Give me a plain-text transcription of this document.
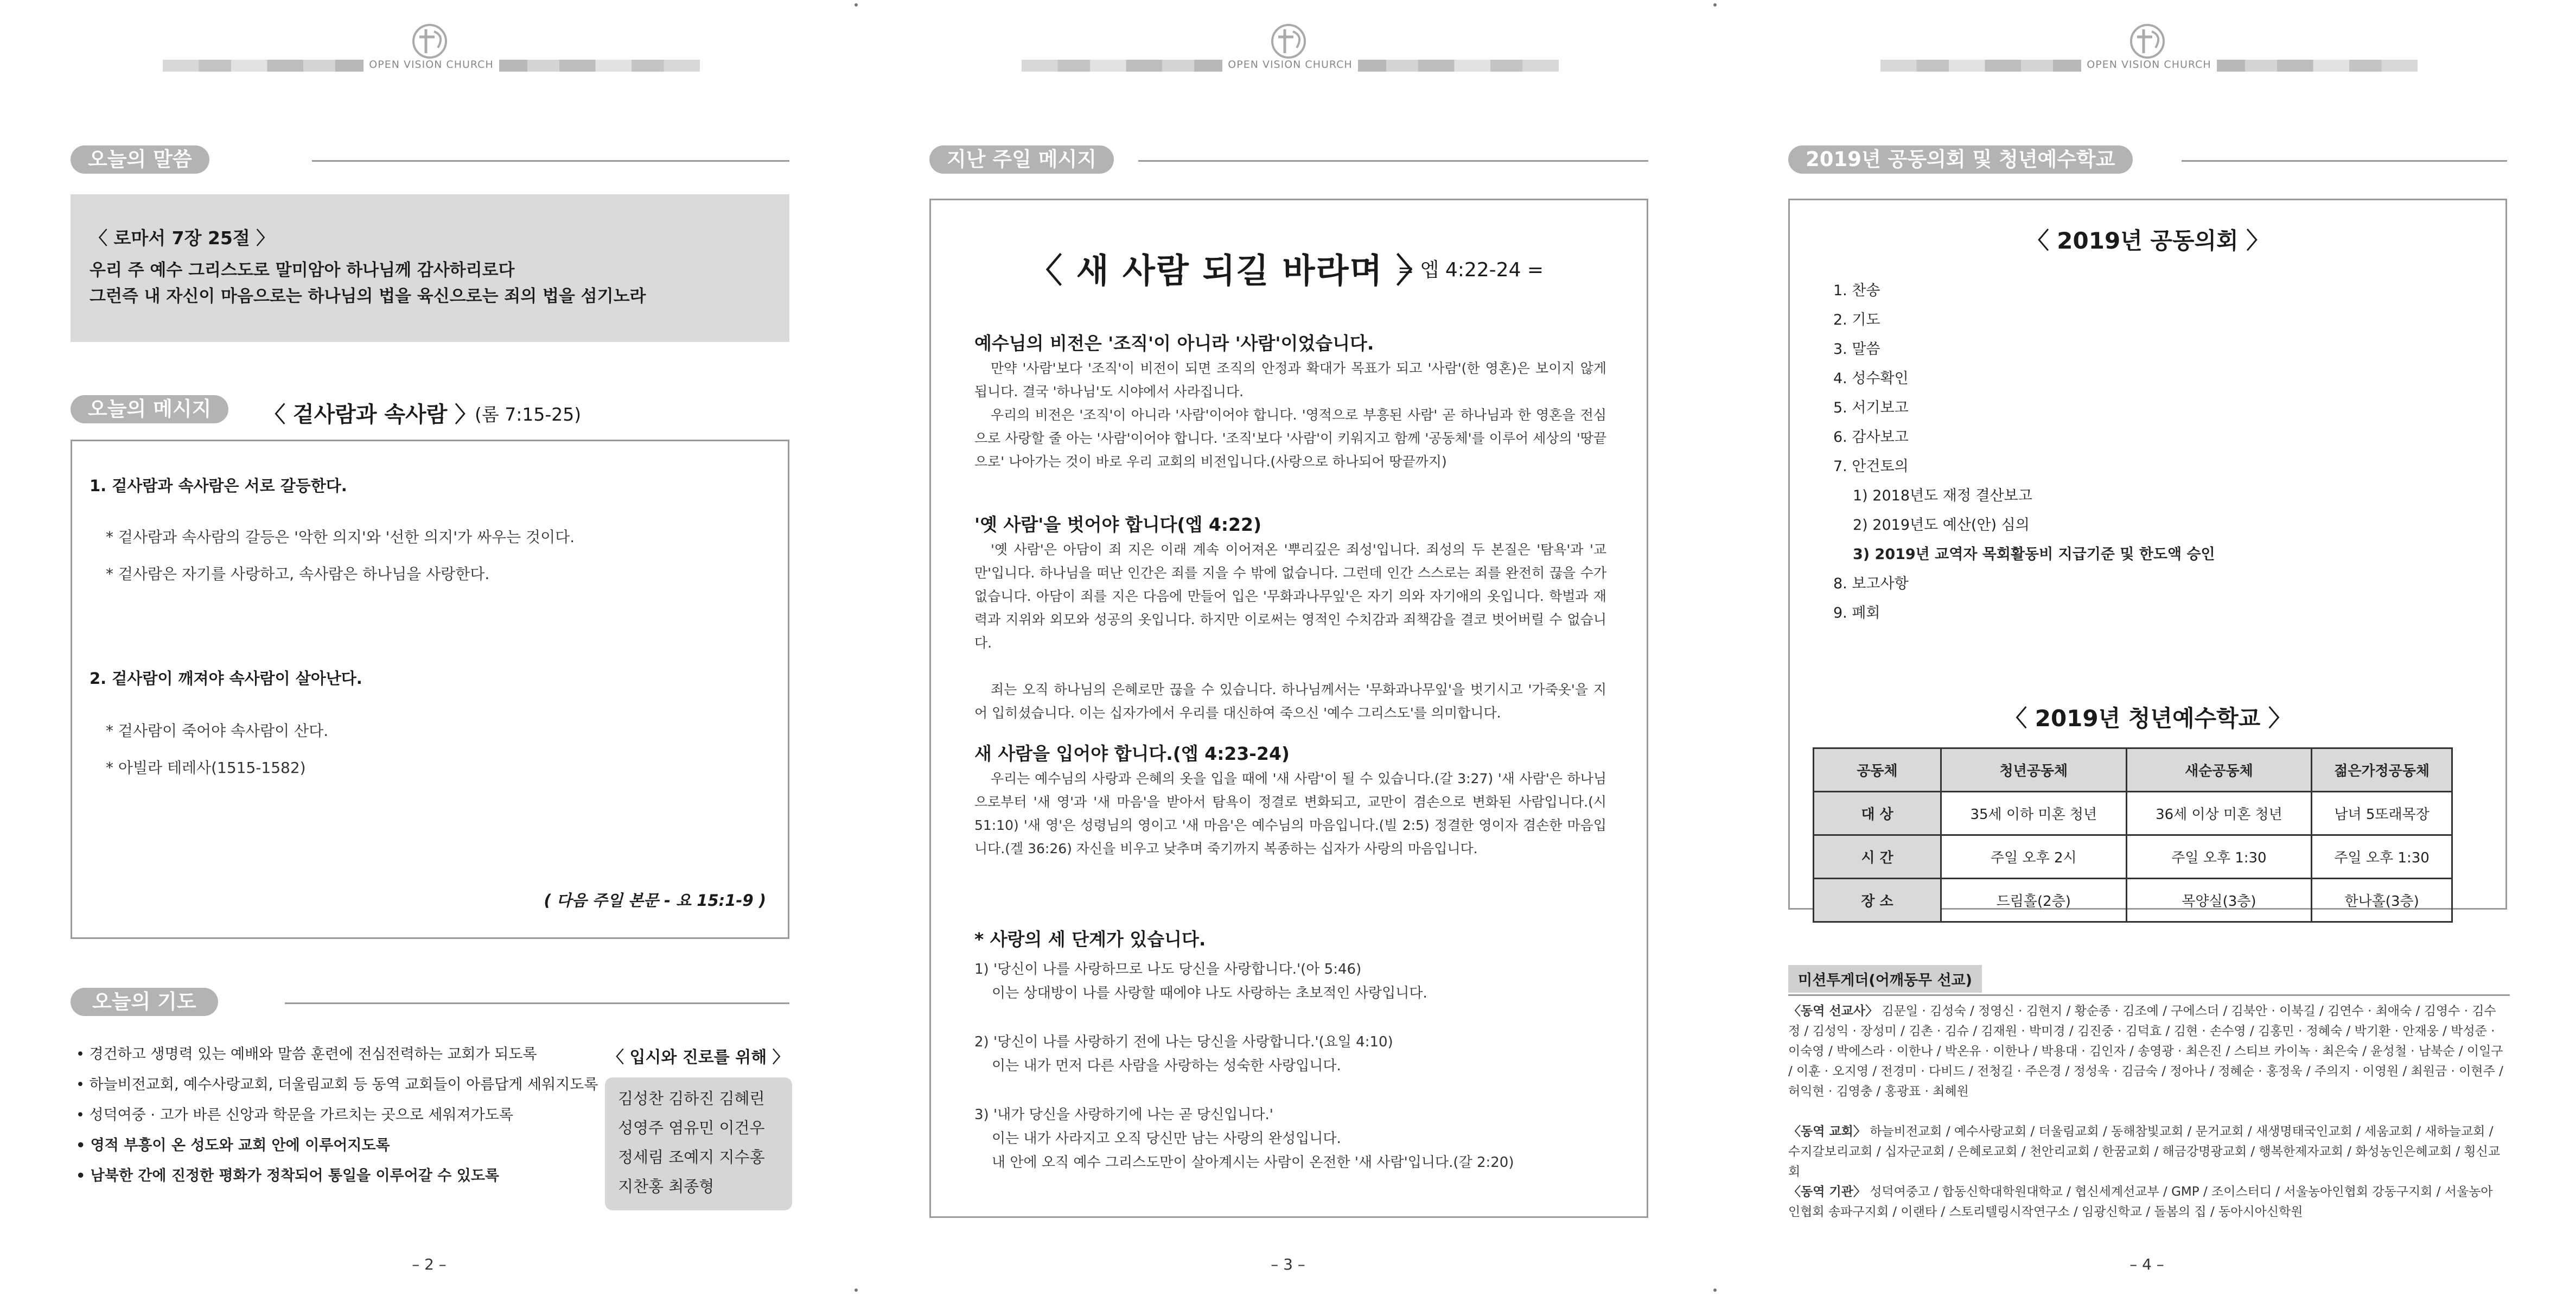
OPEN VISION CHURCH
오늘의 말씀
〈 로마서 7장 25절 〉
우리 주 예수 그리스도로 말미암아 하나님께 감사하리로다
그런즉 내 자신이 마음으로는 하나님의 법을 육신으로는 죄의 법을 섬기노라
오늘의 메시지	〈 겉사람과 속사람 〉
(롬 7:15-25)
1. 겉사람과 속사람은 서로 갈등한다.
* 겉사람과 속사람의 갈등은 '악한 의지'와 '선한 의지'가 싸우는 것이다.
* 겉사람은 자기를 사랑하고, 속사람은 하나님을 사랑한다.
2. 겉사람이 깨져야 속사람이 살아난다.
* 겉사람이 죽어야 속사람이 산다.
* 아빌라 테레사(1515-1582)
( 다음 주일 본문 - 요 15:1-9 )
오늘의 기도
• 경건하고 생명력 있는 예배와 말씀 훈련에 전심전력하는 교회가 되도록
• 하늘비전교회, 예수사랑교회, 더울림교회 등 동역 교회들이 아름답게 세워지도록
• 성덕여중 · 고가 바른 신앙과 학문을 가르치는 곳으로 세워져가도록
• 영적 부흥이 온 성도와 교회 안에 이루어지도록
• 남북한 간에 진정한 평화가 정착되어 통일을 이루어갈 수 있도록
〈 입시와 진로를 위해 〉
김성찬 김하진 김혜린
성영주 염유민 이건우
정세림 조예지 지수홍
지찬홍 최종형
– 2 –
OPEN VISION CHURCH
지난 주일 메시지
〈 새 사람 되길 바라며 〉
= 엡 4:22-24 =
예수님의 비전은 '조직'이 아니라 '사람'이었습니다.
만약 '사람'보다 '조직'이 비전이 되면 조직의 안정과 확대가 목표가 되고 '사람'(한 영혼)은 보이지 않게 됩니다. 결국 '하나님'도 시야에서 사라집니다.
우리의 비전은 '조직'이 아니라 '사람'이어야 합니다. '영적으로 부흥된 사람' 곧 하나님과 한 영혼을 전심으로 사랑할 줄 아는 '사람'이어야 합니다. '조직'보다 '사람'이 키워지고 함께 '공동체'를 이루어 세상의 '땅끝으로' 나아가는 것이 바로 우리 교회의 비전입니다.(사랑으로 하나되어 땅끝까지)
'옛 사람'을 벗어야 합니다(엡 4:22)
'옛 사람'은 아담이 죄 지은 이래 계속 이어져온 '뿌리깊은 죄성'입니다. 죄성의 두 본질은 '탐욕'과 '교만'입니다. 하나님을 떠난 인간은 죄를 지을 수 밖에 없습니다. 그런데 인간 스스로는 죄를 완전히 끊을 수가 없습니다. 아담이 죄를 지은 다음에 만들어 입은 '무화과나무잎'은 자기 의와 자기애의 옷입니다. 학벌과 재력과 지위와 외모와 성공의 옷입니다. 하지만 이로써는 영적인 수치감과 죄책감을 결코 벗어버릴 수 없습니다.
죄는 오직 하나님의 은혜로만 끊을 수 있습니다. 하나님께서는 '무화과나무잎'을 벗기시고 '가죽옷'을 지어 입히셨습니다. 이는 십자가에서 우리를 대신하여 죽으신 '예수 그리스도'를 의미합니다.
새 사람을 입어야 합니다.(엡 4:23-24)
우리는 예수님의 사랑과 은혜의 옷을 입을 때에 '새 사람'이 될 수 있습니다.(갈 3:27) '새 사람'은 하나님으로부터 '새 영'과 '새 마음'을 받아서 탐욕이 정결로 변화되고, 교만이 겸손으로 변화된 사람입니다.(시 51:10) '새 영'은 성령님의 영이고 '새 마음'은 예수님의 마음입니다.(빌 2:5) 정결한 영이자 겸손한 마음입니다.(겔 36:26) 자신을 비우고 낮추며 죽기까지 복종하는 십자가 사랑의 마음입니다.
* 사랑의 세 단계가 있습니다.
1) '당신이 나를 사랑하므로 나도 당신을 사랑합니다.'(아 5:46)
이는 상대방이 나를 사랑할 때에야 나도 사랑하는 초보적인 사랑입니다.
2) '당신이 나를 사랑하기 전에 나는 당신을 사랑합니다.'(요일 4:10)
이는 내가 먼저 다른 사람을 사랑하는 성숙한 사랑입니다.
3) '내가 당신을 사랑하기에 나는 곧 당신입니다.'
이는 내가 사라지고 오직 당신만 남는 사랑의 완성입니다.
내 안에 오직 예수 그리스도만이 살아계시는 사람이 온전한 '새 사람'입니다.(갈 2:20)
– 3 –
OPEN VISION CHURCH
2019년 공동의회 및 청년예수학교
〈 2019년 공동의회 〉
1. 찬송
2. 기도
3. 말씀
4. 성수확인
5. 서기보고
6. 감사보고
7. 안건토의
1) 2018년도 재정 결산보고
2) 2019년도 예산(안) 심의
3) 2019년 교역자 목회활동비 지급기준 및 한도액 승인
8. 보고사항
9. 폐회
〈 2019년 청년예수학교 〉
공동체	청년공동체	새순공동체	젊은가정공동체
대 상	35세 이하 미혼 청년	36세 이상 미혼 청년	남녀 5또래목장
시 간	주일 오후 2시	주일 오후 1:30	주일 오후 1:30
장 소	드림홀(2층)	목양실(3층)	한나홀(3층)
미션투게더(어깨동무 선교)
〈동역 선교사〉 김문일 · 김성숙 / 정영신 · 김현지 / 황순종 · 김조예 / 구에스더 / 김북안 · 이북길 / 김연수 · 최애숙 / 김영수 · 김수정 / 김성익 · 장성미 / 김촌 · 김슈 / 김재원 · 박미경 / 김진중 · 김덕효 / 김현 · 손수영 / 김홍민 · 정혜숙 / 박기환 · 안재웅 / 박성준 · 이숙영 / 박에스라 · 이한나 / 박온유 · 이한나 / 박용대 · 김인자 / 송영광 · 최은진 / 스티브 카이녹 · 최은숙 / 윤성철 · 남북순 / 이일구 / 이훈 · 오지영 / 전경미 · 다비드 / 전청길 · 주은경 / 정성욱 · 김금숙 / 정아나 / 정혜순 · 홍정욱 / 주의지 · 이영원 / 최원금 · 이현주 / 허익현 · 김영충 / 홍광표 · 최혜원
〈동역 교회〉 하늘비전교회 / 예수사랑교회 / 더울림교회 / 동해참빛교회 / 문거교회 / 새생명태국인교회 / 세움교회 / 새하늘교회 / 수지갈보리교회 / 십자군교회 / 은혜로교회 / 천안리교회 / 한꿈교회 / 해금강명광교회 / 행복한제자교회 / 화성농인은혜교회 / 횡신교회
〈동역 기관〉 성덕여중고 / 합동신학대학원대학교 / 협신세계선교부 / GMP / 조이스터디 / 서울농아인협회 강동구지회 / 서울농아인협회 송파구지회 / 이랜타 / 스토리텔링시작연구소 / 임광신학교 / 돌봄의 집 / 동아시아신학원
– 4 –
